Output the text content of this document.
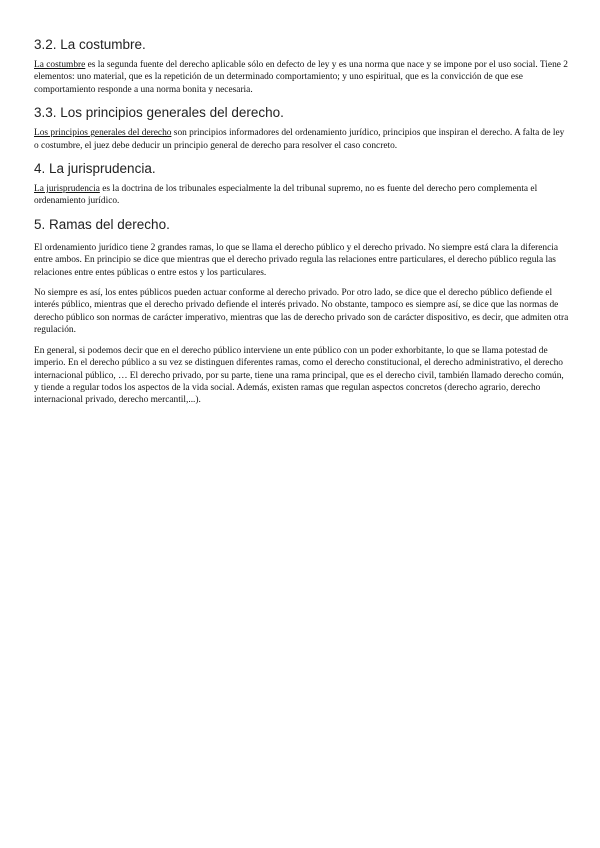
3.2. La costumbre.

La costumbre es la segunda fuente del derecho aplicable sólo en defecto de ley y es una norma que nace y se impone por el uso social. Tiene 2 elementos: uno material, que es la repetición de un determinado comportamiento; y uno espiritual, que es la convicción de que ese comportamiento responde a una norma bonita y necesaria.

3.3. Los principios generales del derecho.

Los principios generales del derecho son principios informadores del ordenamiento jurídico, principios que inspiran el derecho. A falta de ley o costumbre, el juez debe deducir un principio general de derecho para resolver el caso concreto.

4. La jurisprudencia.

La jurisprudencia es la doctrina de los tribunales especialmente la del tribunal supremo, no es fuente del derecho pero complementa el ordenamiento jurídico.

5. Ramas del derecho.

El ordenamiento jurídico tiene 2 grandes ramas, lo que se llama el derecho público y el derecho privado. No siempre está clara la diferencia entre ambos. En principio se dice que mientras que el derecho privado regula las relaciones entre particulares, el derecho público regula las relaciones entre entes públicas o entre estos y los particulares.

No siempre es así, los entes públicos pueden actuar conforme al derecho privado. Por otro lado, se dice que el derecho público defiende el interés público, mientras que el derecho privado defiende el interés privado. No obstante, tampoco es siempre así, se dice que las normas de derecho público son normas de carácter imperativo, mientras que las de derecho privado son de carácter dispositivo, es decir, que admiten otra regulación.

En general, si podemos decir que en el derecho público interviene un ente público con un poder exhorbitante, lo que se llama potestad de imperio. En el derecho público a su vez se distinguen diferentes ramas, como el derecho constitucional, el derecho administrativo, el derecho internacional público, … El derecho privado, por su parte, tiene una rama principal, que es el derecho civil, también llamado derecho común, y tiende a regular todos los aspectos de la vida social. Además, existen ramas que regulan aspectos concretos (derecho agrario, derecho internacional privado, derecho mercantil,...).
